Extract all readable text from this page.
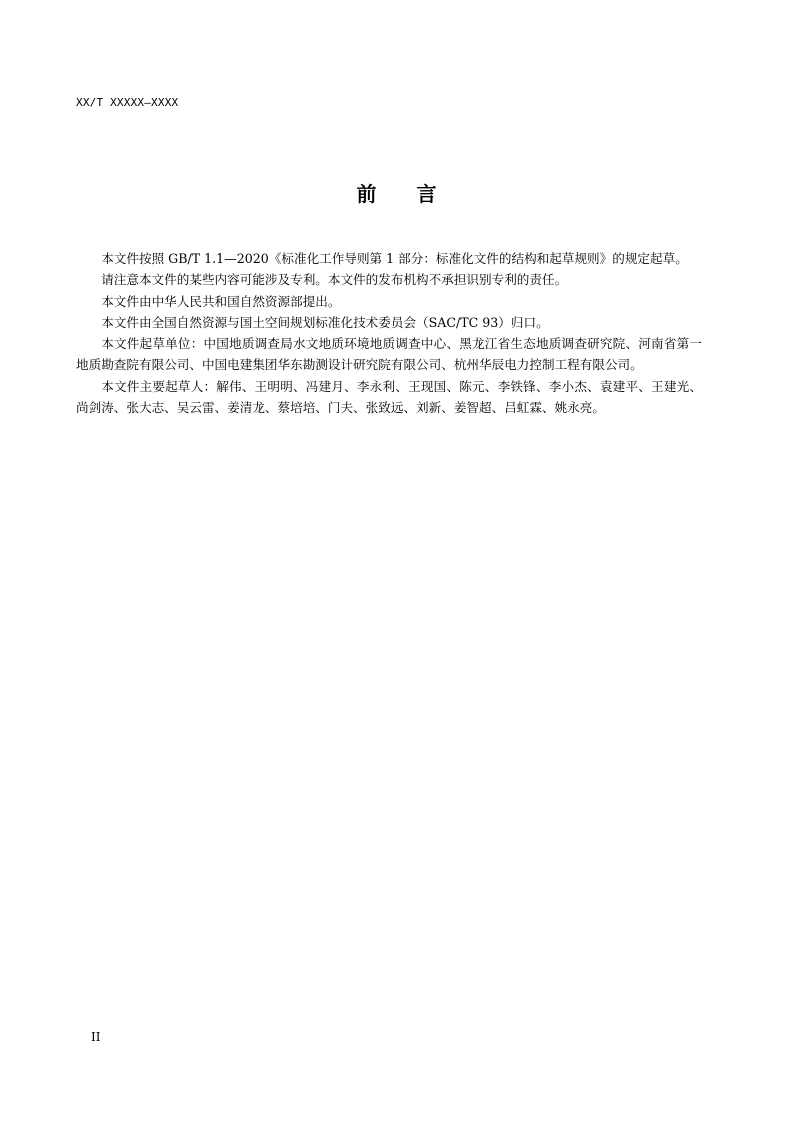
XX/T XXXXX—XXXX
前言

本文件按照 GB/T 1.1—2020《标准化工作导则第 1 部分：标准化文件的结构和起草规则》的规定起草。

请注意本文件的某些内容可能涉及专利。本文件的发布机构不承担识别专利的责任。

本文件由中华人民共和国自然资源部提出。

本文件由全国自然资源与国土空间规划标准化技术委员会（SAC/TC 93）归口。

本文件起草单位：中国地质调查局水文地质环境地质调查中心、黑龙江省生态地质调查研究院、河南省第一地质勘查院有限公司、中国电建集团华东勘测设计研究院有限公司、杭州华辰电力控制工程有限公司。

本文件主要起草人：解伟、王明明、冯建月、李永利、王现国、陈元、李铁锋、李小杰、袁建平、王建光、尚剑涛、张大志、吴云雷、姜清龙、蔡培培、门夫、张致远、刘新、姜智超、吕虹霖、姚永亮。

II
